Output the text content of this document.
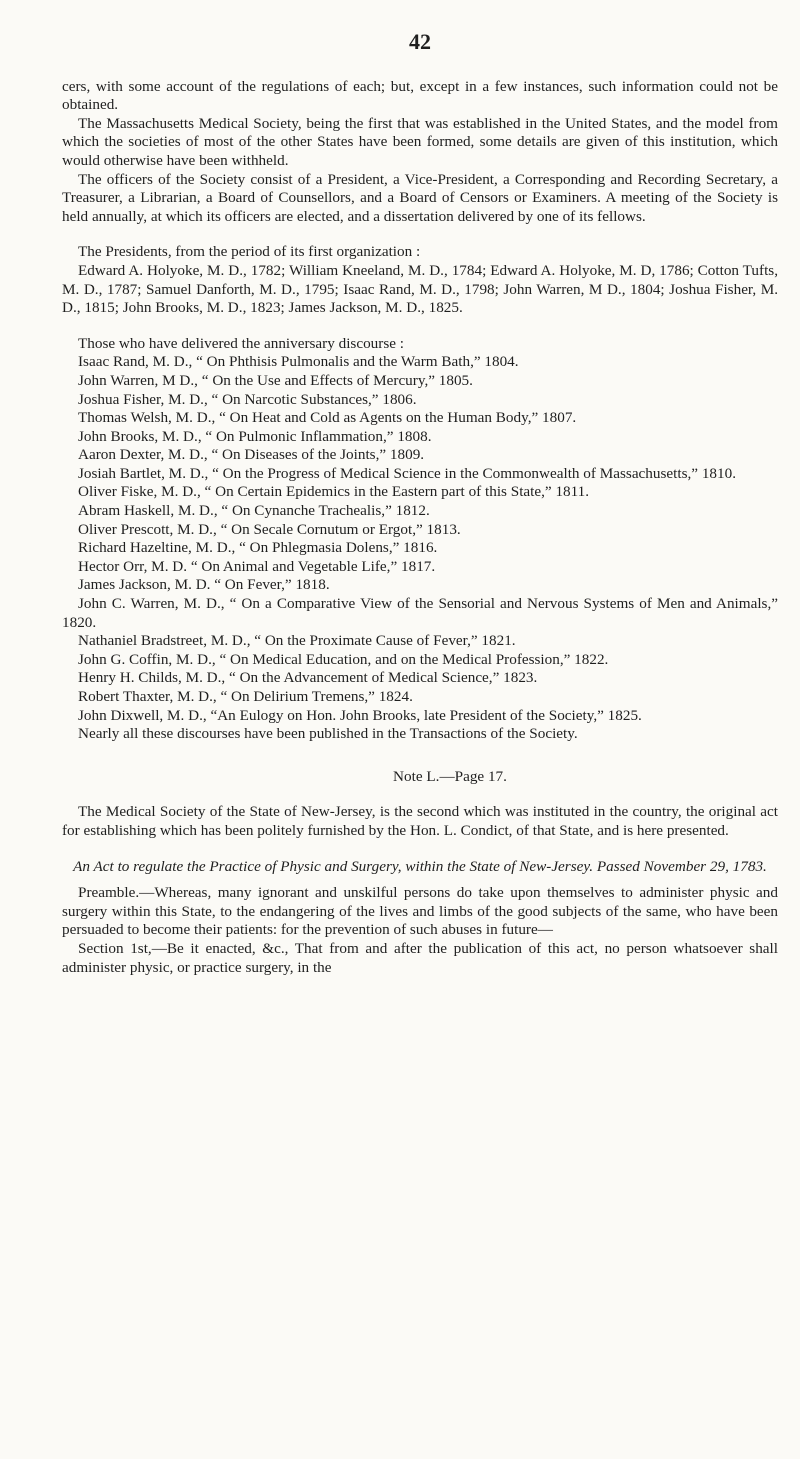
42

cers, with some account of the regulations of each; but, except in a few instances, such information could not be obtained.

The Massachusetts Medical Society, being the first that was established in the United States, and the model from which the societies of most of the other States have been formed, some details are given of this institution, which would otherwise have been withheld.

The officers of the Society consist of a President, a Vice-President, a Corresponding and Recording Secretary, a Treasurer, a Librarian, a Board of Counsellors, and a Board of Censors or Examiners. A meeting of the Society is held annually, at which its officers are elected, and a dissertation delivered by one of its fellows.

The Presidents, from the period of its first organization :

Edward A. Holyoke, M. D., 1782; William Kneeland, M. D., 1784; Edward A. Holyoke, M. D, 1786; Cotton Tufts, M. D., 1787; Samuel Danforth, M. D., 1795; Isaac Rand, M. D., 1798; John Warren, M D., 1804; Joshua Fisher, M. D., 1815; John Brooks, M. D., 1823; James Jackson, M. D., 1825.

Those who have delivered the anniversary discourse :

Isaac Rand, M. D., “ On Phthisis Pulmonalis and the Warm Bath,” 1804.

John Warren, M D., “ On the Use and Effects of Mercury,” 1805.

Joshua Fisher, M. D., “ On Narcotic Substances,” 1806.

Thomas Welsh, M. D., “ On Heat and Cold as Agents on the Human Body,” 1807.

John Brooks, M. D., “ On Pulmonic Inflammation,” 1808.

Aaron Dexter, M. D., “ On Diseases of the Joints,” 1809.

Josiah Bartlet, M. D., “ On the Progress of Medical Science in the Commonwealth of Massachusetts,” 1810.

Oliver Fiske, M. D., “ On Certain Epidemics in the Eastern part of this State,” 1811.

Abram Haskell, M. D., “ On Cynanche Trachealis,” 1812.

Oliver Prescott, M. D., “ On Secale Cornutum or Ergot,” 1813.

Richard Hazeltine, M. D., “ On Phlegmasia Dolens,” 1816.

Hector Orr, M. D. “ On Animal and Vegetable Life,” 1817.

James Jackson, M. D. “ On Fever,” 1818.

John C. Warren, M. D., “ On a Comparative View of the Sensorial and Nervous Systems of Men and Animals,” 1820.

Nathaniel Bradstreet, M. D., “ On the Proximate Cause of Fever,” 1821.

John G. Coffin, M. D., “ On Medical Education, and on the Medical Profession,” 1822.

Henry H. Childs, M. D., “ On the Advancement of Medical Science,” 1823.

Robert Thaxter, M. D., “ On Delirium Tremens,” 1824.

John Dixwell, M. D., “An Eulogy on Hon. John Brooks, late President of the Society,” 1825.

Nearly all these discourses have been published in the Transactions of the Society.

Note L.—Page 17.

The Medical Society of the State of New-Jersey, is the second which was instituted in the country, the original act for establishing which has been politely furnished by the Hon. L. Condict, of that State, and is here presented.

An Act to regulate the Practice of Physic and Surgery, within the State of New-Jersey. Passed November 29, 1783.

Preamble.—Whereas, many ignorant and unskilful persons do take upon themselves to administer physic and surgery within this State, to the endangering of the lives and limbs of the good subjects of the same, who have been persuaded to become their patients: for the prevention of such abuses in future—

Section 1st,—Be it enacted, &c., That from and after the publication of this act, no person whatsoever shall administer physic, or practice surgery, in the
